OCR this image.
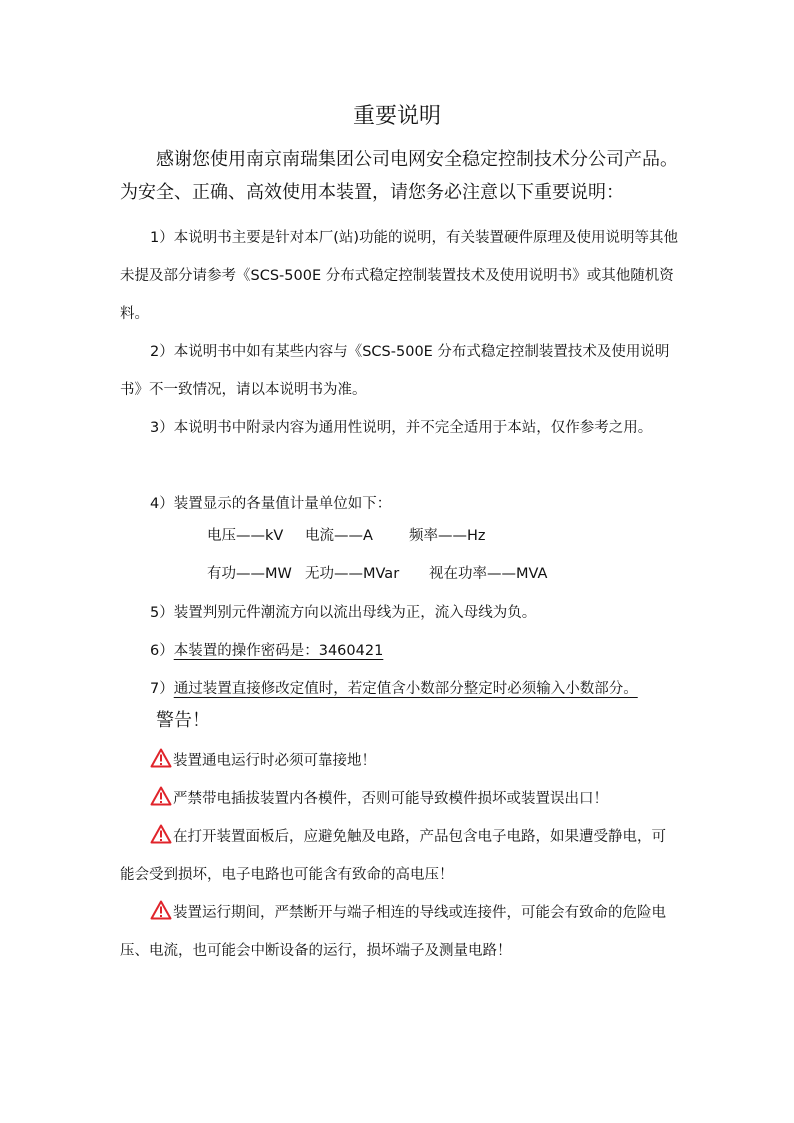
重要说明
感谢您使用南京南瑞集团公司电网安全稳定控制技术分公司产品。为安全、正确、高效使用本装置，请您务必注意以下重要说明：
1）本说明书主要是针对本厂(站)功能的说明，有关装置硬件原理及使用说明等其他未提及部分请参考《SCS-500E 分布式稳定控制装置技术及使用说明书》或其他随机资料。
2）本说明书中如有某些内容与《SCS-500E 分布式稳定控制装置技术及使用说明书》不一致情况，请以本说明书为准。
3）本说明书中附录内容为通用性说明，并不完全适用于本站，仅作参考之用。
4）装置显示的各量值计量单位如下：

电压——kV

电流——A

频率——Hz

有功——MW

无功——MVar

视在功率——MVA

5）装置判别元件潮流方向以流出母线为正，流入母线为负。
6）本装置的操作密码是：3460421
7）通过装置直接修改定值时，若定值含小数部分整定时必须输入小数部分。
警告！
装置通电运行时必须可靠接地！
严禁带电插拔装置内各模件，否则可能导致模件损坏或装置误出口！
在打开装置面板后，应避免触及电路，产品包含电子电路，如果遭受静电，可能会受到损坏，电子电路也可能含有致命的高电压！
装置运行期间，严禁断开与端子相连的导线或连接件，可能会有致命的危险电压、电流，也可能会中断设备的运行，损坏端子及测量电路！
